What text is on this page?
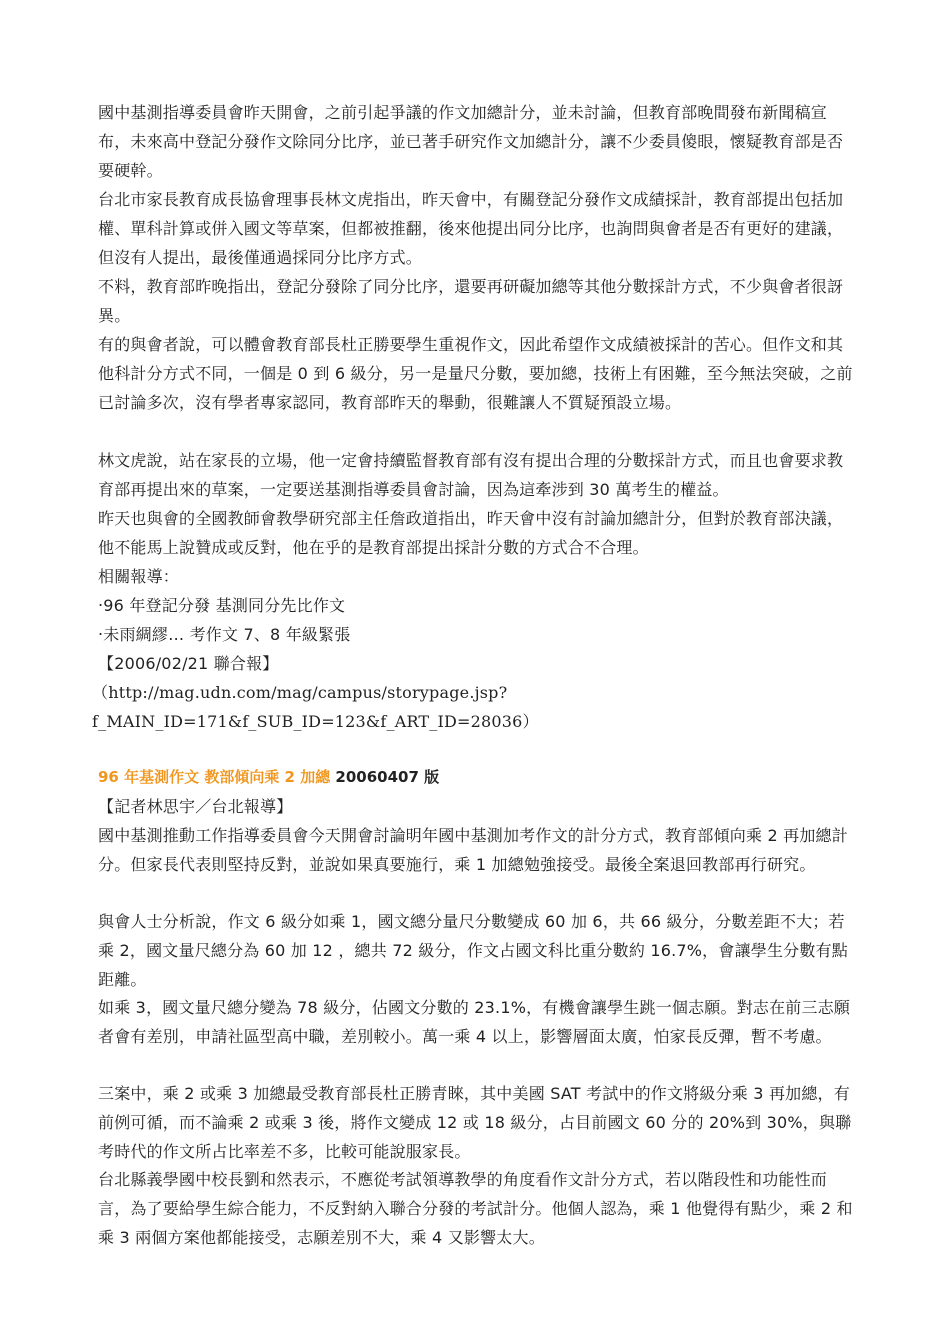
國中基測指導委員會昨天開會，之前引起爭議的作文加總計分，並未討論，但教育部晚間發布新聞稿宣布，未來高中登記分發作文除同分比序，並已著手研究作文加總計分，讓不少委員傻眼，懷疑教育部是否要硬幹。

台北市家長教育成長協會理事長林文虎指出，昨天會中，有關登記分發作文成績採計，教育部提出包括加權、單科計算或併入國文等草案，但都被推翻，後來他提出同分比序，也詢問與會者是否有更好的建議，但沒有人提出，最後僅通過採同分比序方式。

不料，教育部昨晚指出，登記分發除了同分比序，還要再研礙加總等其他分數採計方式，不少與會者很訝異。

有的與會者說，可以體會教育部長杜正勝要學生重視作文，因此希望作文成績被採計的苦心。但作文和其他科計分方式不同，一個是 0 到 6 級分，另一是量尺分數，要加總，技術上有困難，至今無法突破，之前已討論多次，沒有學者專家認同，教育部昨天的舉動，很難讓人不質疑預設立場。

林文虎說，站在家長的立場，他一定會持續監督教育部有沒有提出合理的分數採計方式，而且也會要求教育部再提出來的草案，一定要送基測指導委員會討論，因為這牽涉到 30 萬考生的權益。

昨天也與會的全國教師會教學研究部主任詹政道指出，昨天會中沒有討論加總計分，但對於教育部決議，他不能馬上說贊成或反對，他在乎的是教育部提出採計分數的方式合不合理。

相關報導：
‧96 年登記分發 基測同分先比作文
‧未雨綢繆… 考作文 7、8 年級緊張
【2006/02/21 聯合報】
（http://mag.udn.com/mag/campus/storypage.jsp?
f_MAIN_ID=171&f_SUB_ID=123&f_ART_ID=28036）
96 年基測作文 教部傾向乘 2 加總 20060407 版
【記者林思宇／台北報導】

國中基測推動工作指導委員會今天開會討論明年國中基測加考作文的計分方式，教育部傾向乘 2 再加總計分。但家長代表則堅持反對，並說如果真要施行，乘 1 加總勉強接受。最後全案退回教部再行研究。

與會人士分析說，作文 6 級分如乘 1，國文總分量尺分數變成 60 加 6，共 66 級分，分數差距不大；若乘 2，國文量尺總分為 60 加 12 ，總共 72 級分，作文占國文科比重分數約 16.7%，會讓學生分數有點距離。

如乘 3，國文量尺總分變為 78 級分，佔國文分數的 23.1%，有機會讓學生跳一個志願。對志在前三志願者會有差別，申請社區型高中職，差別較小。萬一乘 4 以上，影響層面太廣，怕家長反彈，暫不考慮。

三案中，乘 2 或乘 3 加總最受教育部長杜正勝青睞，其中美國 SAT 考試中的作文將級分乘 3 再加總，有前例可循，而不論乘 2 或乘 3 後，將作文變成 12 或 18 級分，占目前國文 60 分的 20%到 30%，與聯考時代的作文所占比率差不多，比較可能說服家長。

台北縣義學國中校長劉和然表示，不應從考試領導教學的角度看作文計分方式，若以階段性和功能性而言，為了要給學生綜合能力，不反對納入聯合分發的考試計分。他個人認為，乘 1 他覺得有點少，乘 2 和乘 3 兩個方案他都能接受，志願差別不大，乘 4 又影響太大。
